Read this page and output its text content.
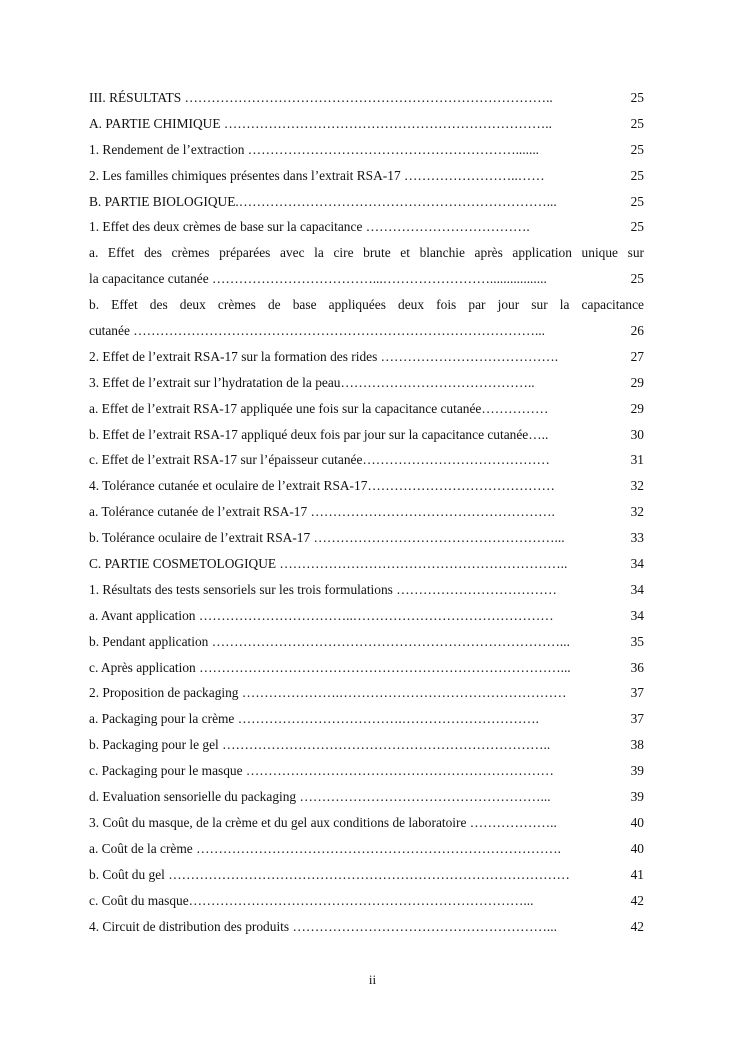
III. RÉSULTATS ………………………………………………………………………..	25
A. PARTIE CHIMIQUE ………………………………………………………………..	25
1. Rendement de l’extraction …………………………………………………….......	25
2. Les familles chimiques présentes dans l’extrait RSA-17 ……………………..……	25
B. PARTIE BIOLOGIQUE.……………………………………………………………...	25
1. Effet des deux crèmes de base sur la capacitance ……………………………….	25
a. Effet des crèmes préparées avec la cire brute et blanchie après application unique sur
la capacitance cutanée ………………………………...…………………….................	25
b. Effet des deux crèmes de base appliquées deux fois par jour sur la capacitance
cutanée ………………………………………………………………………………...	26
2. Effet de l’extrait RSA-17 sur la formation des rides ………………………………….	27
3. Effet de l’extrait sur l’hydratation de la peau……………………………………..	29
a. Effet de l’extrait RSA-17 appliquée une fois sur la capacitance cutanée……………	29
b. Effet de l’extrait RSA-17 appliqué deux fois par jour sur la capacitance cutanée…..	30
c. Effet de l’extrait RSA-17 sur l’épaisseur cutanée……………………………………	31
4. Tolérance cutanée et oculaire de l’extrait RSA-17……………………………………	32
a. Tolérance cutanée de l’extrait RSA-17 ……………………………………………….	32
b. Tolérance oculaire de l’extrait RSA-17 ………………………………………………...	33
C. PARTIE COSMETOLOGIQUE ………………………………………………………..	34
1. Résultats des tests sensoriels sur les trois formulations ………………………………	34
a. Avant application ……………………………..………………………………………	34
b. Pendant application ……………………………………………………………………...	35
c. Après application ………………………………………………………………………...	36
2. Proposition de packaging ………………….……………………………………………	37
a. Packaging pour la crème ……………………………….………………………….	37
b. Packaging pour le gel ………………………………………………………………..	38
c. Packaging pour le masque ……………………………………………………………	39
d. Evaluation sensorielle du packaging ………………………………………………...	39
3. Coût du masque, de la crème et du gel aux conditions de laboratoire ………………..	40
a. Coût de la crème ……………………………………………………………………….	40
b. Coût du gel ………………………………………………………………………………	41
c. Coût du masque…………………………………………………………………...	42
4. Circuit de distribution des produits …………………………………………………...	42
ii
